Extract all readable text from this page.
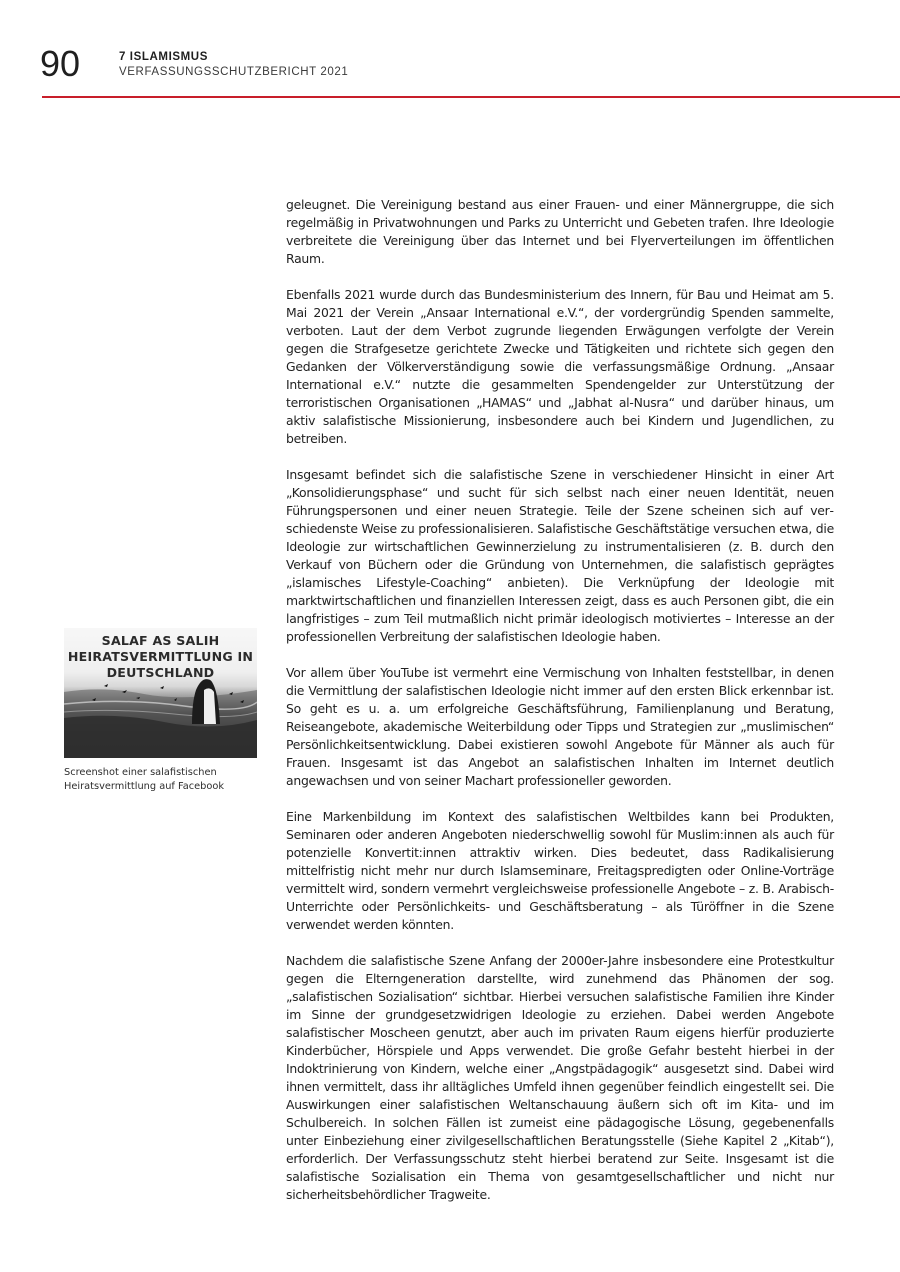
90	7 ISLAMISMUS
VERFASSUNGSSCHUTZBERICHT 2021
SALAF AS SALIH HEIRATSVERMITTLUNG IN DEUTSCHLAND
Screenshot einer salafistischen Heiratsvermittlung auf Facebook

geleugnet. Die Vereinigung bestand aus einer Frauen- und einer Männergruppe, die sich regelmäßig in Privatwohnungen und Parks zu Unterricht und Gebeten trafen. Ihre Ideologie verbreitete die Vereinigung über das Internet und bei Flyerverteilungen im öffentlichen Raum.

Ebenfalls 2021 wurde durch das Bundesministerium des Innern, für Bau und Heimat am 5. Mai 2021 der Verein „Ansaar International e.V.“, der vordergründig Spenden sammelte, verboten. Laut der dem Verbot zugrunde liegenden Erwägungen verfolgte der Verein gegen die Strafgesetze gerichtete Zwecke und Tätigkeiten und richtete sich gegen den Gedanken der Völkerverständigung sowie die verfassungsmäßige Ordnung. „Ansaar International e.V.“ nutzte die gesammelten Spendengelder zur Unterstützung der terroristischen Organisationen „HAMAS“ und „Jabhat al-Nusra“ und darüber hinaus, um aktiv salafistische Missionierung, insbesondere auch bei Kindern und Jugendlichen, zu betreiben.

Insgesamt befindet sich die salafistische Szene in verschiedener Hinsicht in einer Art „Konsolidierungsphase“ und sucht für sich selbst nach einer neuen Identität, neuen Führungspersonen und einer neuen Strategie. Teile der Szene scheinen sich auf verschiedenste Weise zu professionalisieren. Salafistische Geschäftstätige versuchen etwa, die Ideologie zur wirtschaftlichen Gewinnerzielung zu instrumentalisieren (z. B. durch den Verkauf von Büchern oder die Gründung von Unternehmen, die salafistisch geprägtes „islamisches Lifestyle-Coaching“ anbieten). Die Verknüpfung der Ideologie mit marktwirtschaftlichen und finanziellen Interessen zeigt, dass es auch Personen gibt, die ein langfristiges – zum Teil mutmaßlich nicht primär ideologisch motiviertes – Interesse an der professionellen Verbreitung der salafistischen Ideologie haben.

Vor allem über YouTube ist vermehrt eine Vermischung von Inhalten feststellbar, in denen die Vermittlung der salafistischen Ideologie nicht immer auf den ersten Blick erkennbar ist. So geht es u. a. um erfolgreiche Geschäftsführung, Familienplanung und Beratung, Reiseangebote, akademische Weiterbildung oder Tipps und Strategien zur „muslimischen“ Persönlichkeitsentwicklung. Dabei existieren sowohl Angebote für Männer als auch für Frauen. Insgesamt ist das Angebot an salafistischen Inhalten im Internet deutlich angewachsen und von seiner Machart professioneller geworden.

Eine Markenbildung im Kontext des salafistischen Weltbildes kann bei Produkten, Seminaren oder anderen Angeboten niederschwellig sowohl für Muslim:innen als auch für potenzielle Konvertit:innen attraktiv wirken. Dies bedeutet, dass Radikalisierung mittelfristig nicht mehr nur durch Islamseminare, Freitagspredigten oder Online-Vorträge vermittelt wird, sondern vermehrt vergleichsweise professionelle Angebote – z. B. Arabisch-Unterrichte oder Persönlichkeits- und Geschäftsberatung – als Türöffner in die Szene verwendet werden könnten.

Nachdem die salafistische Szene Anfang der 2000er-Jahre insbesondere eine Protestkultur gegen die Elterngeneration darstellte, wird zunehmend das Phänomen der sog. „salafistischen Sozialisation“ sichtbar. Hierbei versuchen salafistische Familien ihre Kinder im Sinne der grundgesetzwidrigen Ideologie zu erziehen. Dabei werden Angebote salafistischer Moscheen genutzt, aber auch im privaten Raum eigens hierfür produzierte Kinderbücher, Hörspiele und Apps verwendet. Die große Gefahr besteht hierbei in der Indoktrinierung von Kindern, welche einer „Angstpädagogik“ ausgesetzt sind. Dabei wird ihnen vermittelt, dass ihr alltägliches Umfeld ihnen gegenüber feindlich eingestellt sei. Die Auswirkungen einer salafistischen Weltanschauung äußern sich oft im Kita- und im Schulbereich. In solchen Fällen ist zumeist eine pädagogische Lösung, gegebenenfalls unter Einbeziehung einer zivilgesellschaftlichen Beratungsstelle (Siehe Kapitel 2 „Kitab“), erforderlich. Der Verfassungsschutz steht hierbei beratend zur Seite. Insgesamt ist die salafistische Sozialisation ein Thema von gesamtgesellschaftlicher und nicht nur sicherheitsbehördlicher Tragweite.
